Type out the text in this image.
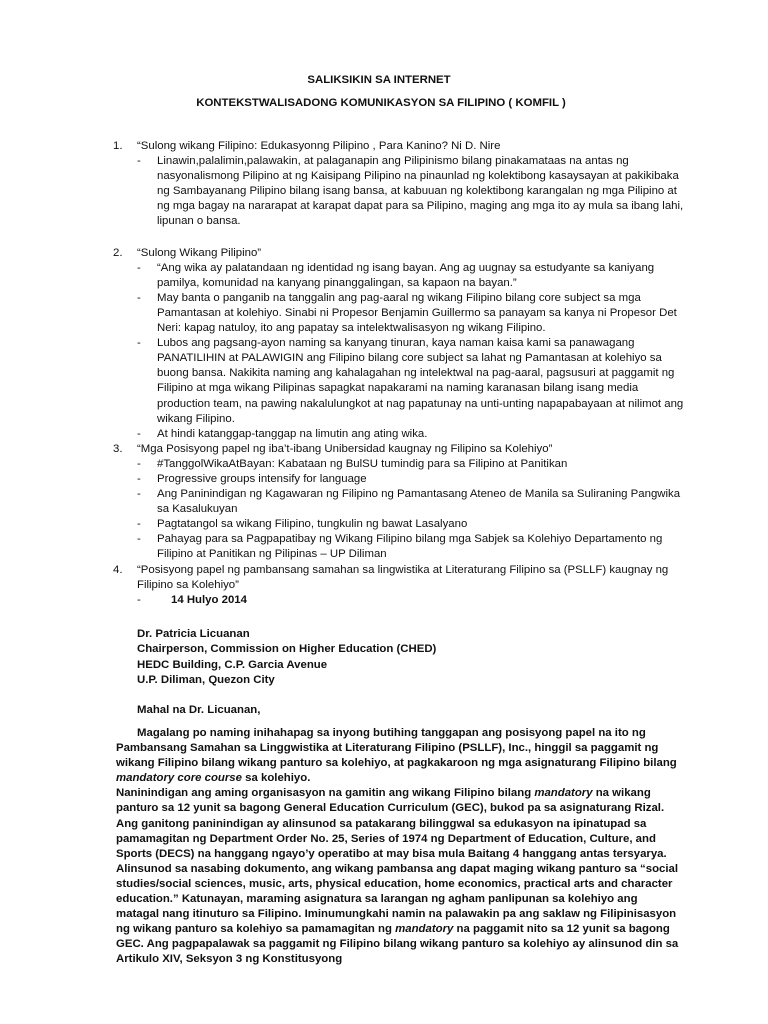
SALIKSIKIN SA INTERNET
KONTEKSTWALISADONG KOMUNIKASYON SA FILIPINO ( KOMFIL )
1. “Sulong wikang Filipino: Edukasyonng Pilipino , Para Kanino? Ni D. Nire
- Linawin,palalimin,palawakin, at palaganapin ang Pilipinismo bilang pinakamataas na antas ng nasyonalismong Pilipino at ng Kaisipang Pilipino na pinaunlad ng kolektibong kasaysayan at pakikibaka ng Sambayanang Pilipino bilang isang bansa, at kabuuan ng kolektibong karangalan ng mga Pilipino at ng mga bagay na nararapat at karapat dapat para sa Pilipino, maging ang mga ito ay mula sa ibang lahi, lipunan o bansa.
2. “Sulong Wikang Pilipino”
- “Ang wika ay palatandaan ng identidad ng isang bayan. Ang ag uugnay sa estudyante sa kaniyang pamilya, komunidad na kanyang pinanggalingan, sa kapaon na bayan.”
- May banta o panganib na tanggalin ang pag-aaral ng wikang Filipino bilang core subject sa mga Pamantasan at kolehiyo. Sinabi ni Propesor Benjamin Guillermo sa panayam sa kanya ni Propesor Det Neri: kapag natuloy, ito ang papatay sa intelektwalisasyon ng wikang Filipino.
- Lubos ang pagsang-ayon naming sa kanyang tinuran, kaya naman kaisa kami sa panawagang PANATILIHIN at PALAWIGIN ang Filipino bilang core subject sa lahat ng Pamantasan at kolehiyo sa buong bansa. Nakikita naming ang kahalagahan ng intelektwal na pag-aaral, pagsusuri at paggamit ng Filipino at mga wikang Pilipinas sapagkat napakarami na naming karanasan bilang isang media production team, na pawing nakalulungkot at nag papatunay na unti-unting napapabayaan at nilimot ang wikang Filipino.
- At hindi katanggap-tanggap na limutin ang ating wika.
3. “Mga Posisyong papel ng iba’t-ibang Unibersidad kaugnay ng Filipino sa Kolehiyo”
- #TanggolWikaAtBayan: Kabataan ng BulSU tumindig para sa Filipino at Panitikan
- Progressive groups intensify for language
- Ang Paninindigan ng Kagawaran ng Filipino ng Pamantasang Ateneo de Manila sa Suliraning Pangwika sa Kasalukuyan
- Pagtatangol sa wikang Filipino, tungkulin ng bawat Lasalyano
- Pahayag para sa Pagpapatibay ng Wikang Filipino bilang mga Sabjek sa Kolehiyo Departamento ng Filipino at Panitikan ng Pilipinas – UP Diliman
4. “Posisyong papel ng pambansang samahan sa lingwistika at Literaturang Filipino sa (PSLLF) kaugnay ng Filipino sa Kolehiyo”
-	14 Hulyo 2014
Dr. Patricia Licuanan
Chairperson, Commission on Higher Education (CHED)
HEDC Building, C.P. Garcia Avenue
U.P. Diliman, Quezon City
Mahal na Dr. Licuanan,

Magalang po naming inihahapag sa inyong butihing tanggapan ang posisyong papel na ito ng Pambansang Samahan sa Linggwistika at Literaturang Filipino (PSLLF), Inc., hinggil sa paggamit ng wikang Filipino bilang wikang panturo sa kolehiyo, at pagkakaroon ng mga asignaturang Filipino bilang mandatory core course sa kolehiyo.

Naninindigan ang aming organisasyon na gamitin ang wikang Filipino bilang mandatory na wikang panturo sa 12 yunit sa bagong General Education Curriculum (GEC), bukod pa sa asignaturang Rizal. Ang ganitong paninindigan ay alinsunod sa patakarang bilinggwal sa edukasyon na ipinatupad sa pamamagitan ng Department Order No. 25, Series of 1974 ng Department of Education, Culture, and Sports (DECS) na hanggang ngayo’y operatibo at may bisa mula Baitang 4 hanggang antas tersyarya. Alinsunod sa nasabing dokumento, ang wikang pambansa ang dapat maging wikang panturo sa “social studies/social sciences, music, arts, physical education, home economics, practical arts and character education.” Katunayan, maraming asignatura sa larangan ng agham panlipunan sa kolehiyo ang matagal nang itinuturo sa Filipino. Iminumungkahi namin na palawakin pa ang saklaw ng Filipinisasyon ng wikang panturo sa kolehiyo sa pamamagitan ng mandatory na paggamit nito sa 12 yunit sa bagong GEC. Ang pagpapalawak sa paggamit ng Filipino bilang wikang panturo sa kolehiyo ay alinsunod din sa Artikulo XIV, Seksyon 3 ng Konstitusyong
